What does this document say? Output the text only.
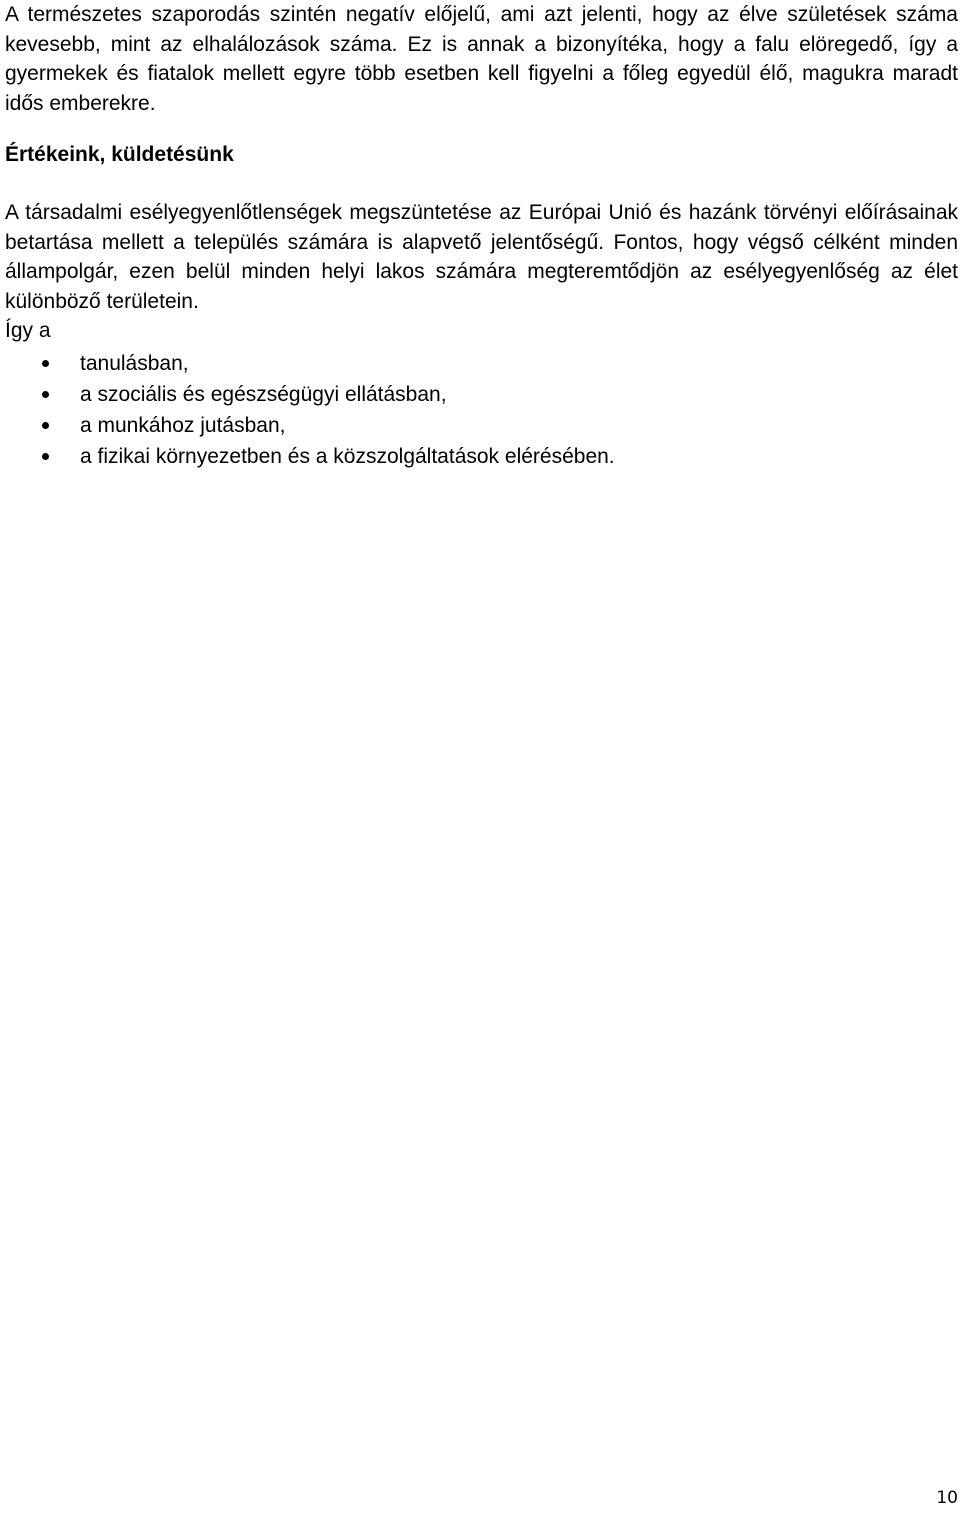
A természetes szaporodás szintén negatív előjelű, ami azt jelenti, hogy az élve születések száma kevesebb, mint az elhalálozások száma. Ez is annak a bizonyítéka, hogy a falu elöregedő, így a gyermekek és fiatalok mellett egyre több esetben kell figyelni a főleg egyedül élő, magukra maradt idős emberekre.

Értékeink, küldetésünk

A társadalmi esélyegyenlőtlenségek megszüntetése az Európai Unió és hazánk törvényi előírásainak betartása mellett a település számára is alapvető jelentőségű. Fontos, hogy végső célként minden állampolgár, ezen belül minden helyi lakos számára megteremtődjön az esélyegyenlőség az élet különböző területein.

Így a

tanulásban,
a szociális és egészségügyi ellátásban,
a munkához jutásban,
a fizikai környezetben és a közszolgáltatások elérésében.
10
